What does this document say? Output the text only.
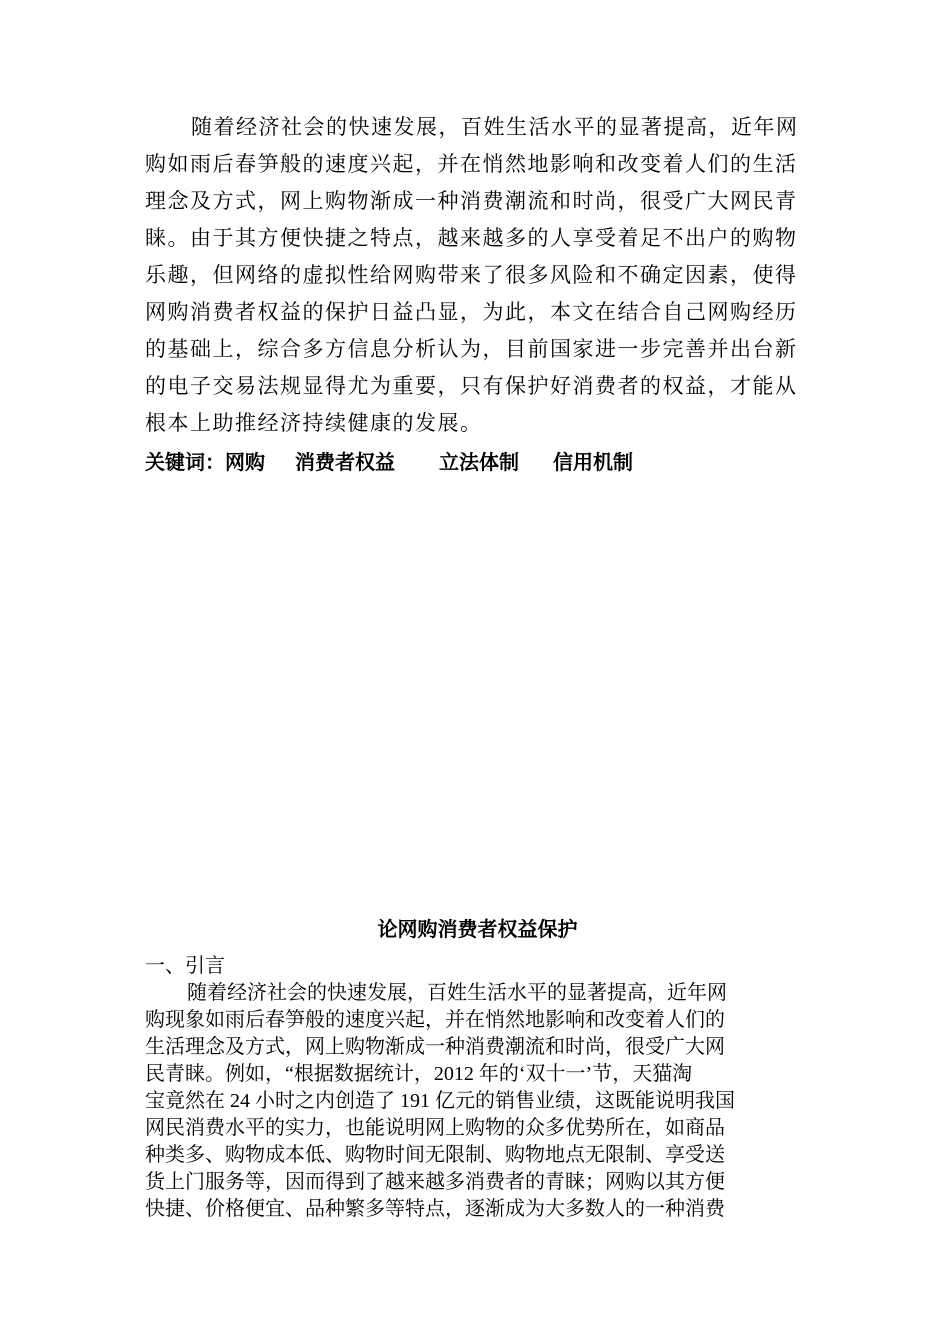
随着经济社会的快速发展，百姓生活水平的显著提高，近年网
购如雨后春笋般的速度兴起，并在悄然地影响和改变着人们的生活
理念及方式，网上购物渐成一种消费潮流和时尚，很受广大网民青
睐。由于其方便快捷之特点，越来越多的人享受着足不出户的购物
乐趣，但网络的虚拟性给网购带来了很多风险和不确定因素，使得
网购消费者权益的保护日益凸显，为此，本文在结合自己网购经历
的基础上，综合多方信息分析认为，目前国家进一步完善并出台新
的电子交易法规显得尤为重要，只有保护好消费者的权益，才能从
根本上助推经济持续健康的发展。
关键词：网购 消费者权益 立法体制 信用机制
论网购消费者权益保护
一、引言
随着经济社会的快速发展，百姓生活水平的显著提高，近年网
购现象如雨后春笋般的速度兴起，并在悄然地影响和改变着人们的
生活理念及方式，网上购物渐成一种消费潮流和时尚，很受广大网
民青睐。例如，“根据数据统计，2012 年的‘双十一’节，天猫淘
宝竟然在 24 小时之内创造了 191 亿元的销售业绩，这既能说明我国
网民消费水平的实力，也能说明网上购物的众多优势所在，如商品
种类多、购物成本低、购物时间无限制、购物地点无限制、享受送
货上门服务等，因而得到了越来越多消费者的青睐；网购以其方便
快捷、价格便宜、品种繁多等特点，逐渐成为大多数人的一种消费
